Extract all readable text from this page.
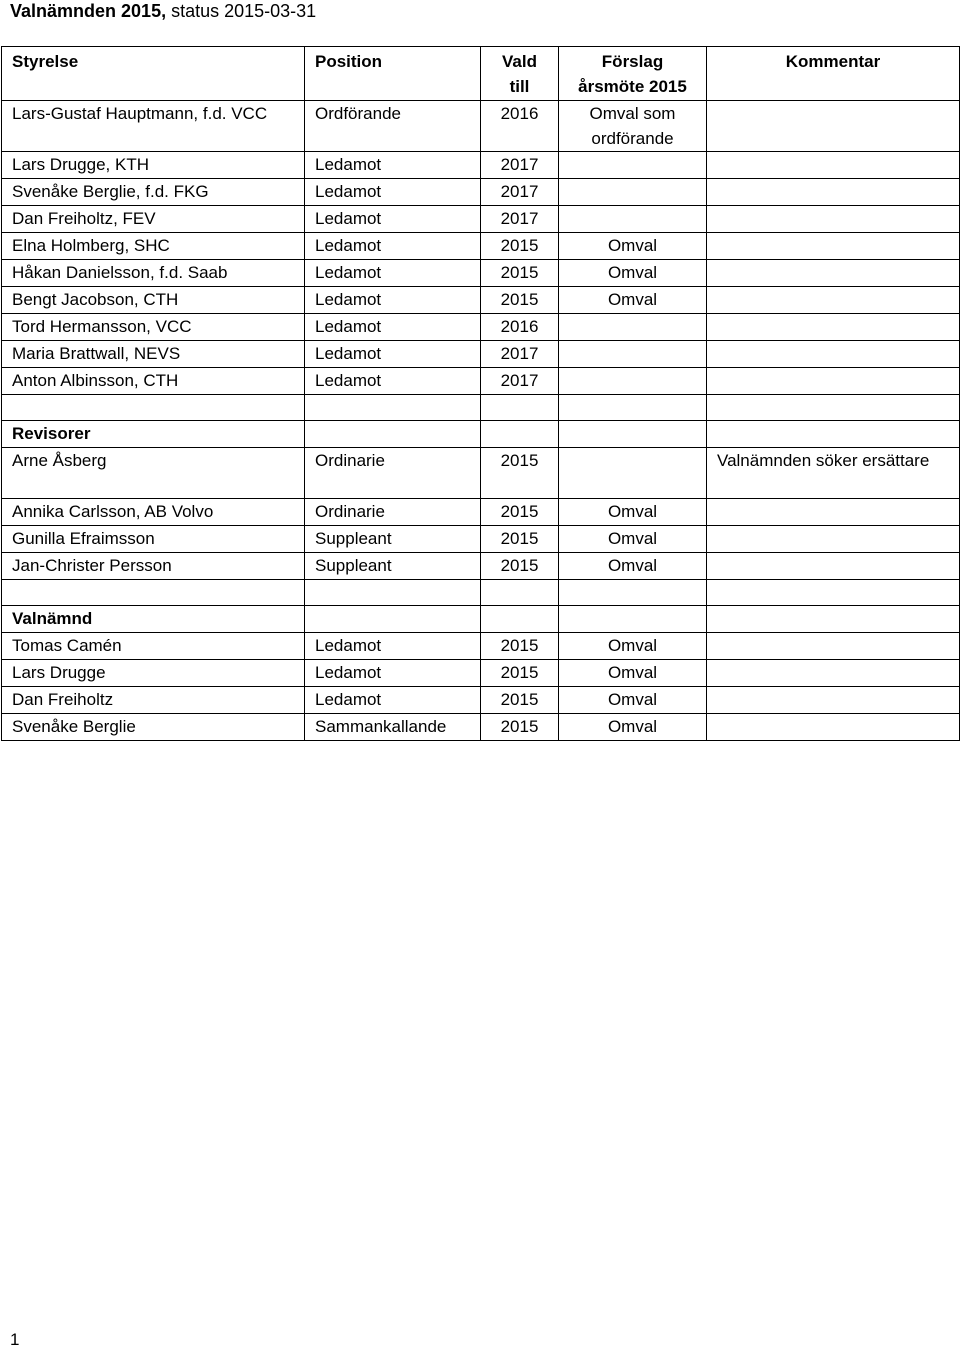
Valnämnden 2015, status 2015-03-31
Styrelse	Position	Vald till	Förslag årsmöte 2015	Kommentar
Lars-Gustaf Hauptmann, f.d. VCC	Ordförande	2016	Omval som ordförande	
Lars Drugge, KTH	Ledamot	2017		
Svenåke Berglie, f.d. FKG	Ledamot	2017		
Dan Freiholtz, FEV	Ledamot	2017		
Elna Holmberg, SHC	Ledamot	2015	Omval	
Håkan Danielsson, f.d. Saab	Ledamot	2015	Omval	
Bengt Jacobson, CTH	Ledamot	2015	Omval	
Tord Hermansson, VCC	Ledamot	2016		
Maria Brattwall, NEVS	Ledamot	2017		
Anton Albinsson, CTH	Ledamot	2017		

Revisorer				
Arne Åsberg	Ordinarie	2015		Valnämnden söker ersättare
Annika Carlsson, AB Volvo	Ordinarie	2015	Omval	
Gunilla Efraimsson	Suppleant	2015	Omval	
Jan-Christer Persson	Suppleant	2015	Omval	

Valnämnd				
Tomas Camén	Ledamot	2015	Omval	
Lars Drugge	Ledamot	2015	Omval	
Dan Freiholtz	Ledamot	2015	Omval	
Svenåke Berglie	Sammankallande	2015	Omval	
1
